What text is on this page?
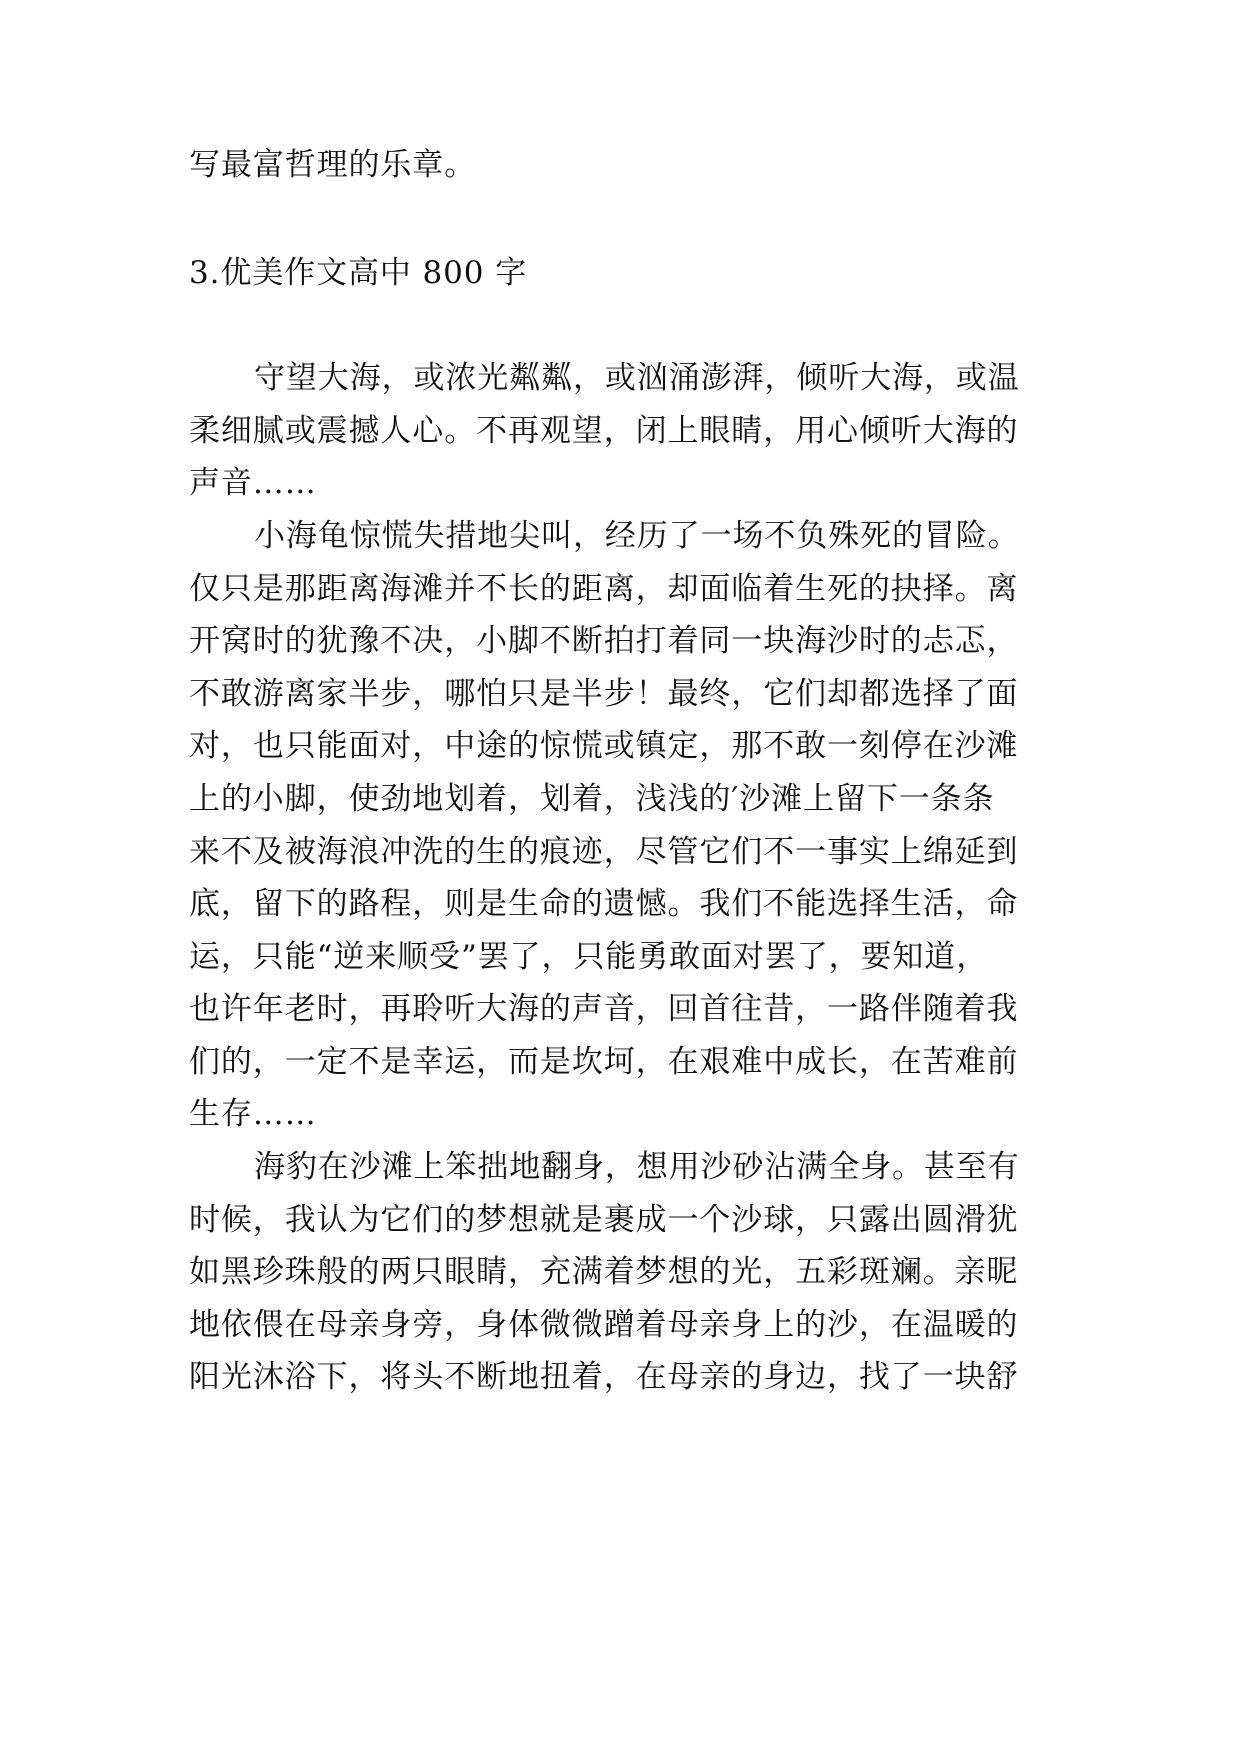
写最富哲理的乐章。
3.优美作文高中 800 字
守望大海，或浓光粼粼，或汹涌澎湃，倾听大海，或温
柔细腻或震撼人心。不再观望，闭上眼睛，用心倾听大海的
声音……
小海龟惊慌失措地尖叫，经历了一场不负殊死的冒险。
仅只是那距离海滩并不长的距离，却面临着生死的抉择。离
开窝时的犹豫不决，小脚不断拍打着同一块海沙时的忐忑，
不敢游离家半步，哪怕只是半步！最终，它们却都选择了面
对，也只能面对，中途的惊慌或镇定，那不敢一刻停在沙滩
上的小脚，使劲地划着，划着，浅浅的′沙滩上留下一条条
来不及被海浪冲洗的生的痕迹，尽管它们不一事实上绵延到
底，留下的路程，则是生命的遗憾。我们不能选择生活，命
运，只能“逆来顺受”罢了，只能勇敢面对罢了，要知道，
也许年老时，再聆听大海的声音，回首往昔，一路伴随着我
们的，一定不是幸运，而是坎坷，在艰难中成长，在苦难前
生存……
海豹在沙滩上笨拙地翻身，想用沙砂沾满全身。甚至有
时候，我认为它们的梦想就是裹成一个沙球，只露出圆滑犹
如黑珍珠般的两只眼睛，充满着梦想的光，五彩斑斓。亲昵
地依偎在母亲身旁，身体微微蹭着母亲身上的沙，在温暖的
阳光沐浴下，将头不断地扭着，在母亲的身边，找了一块舒
